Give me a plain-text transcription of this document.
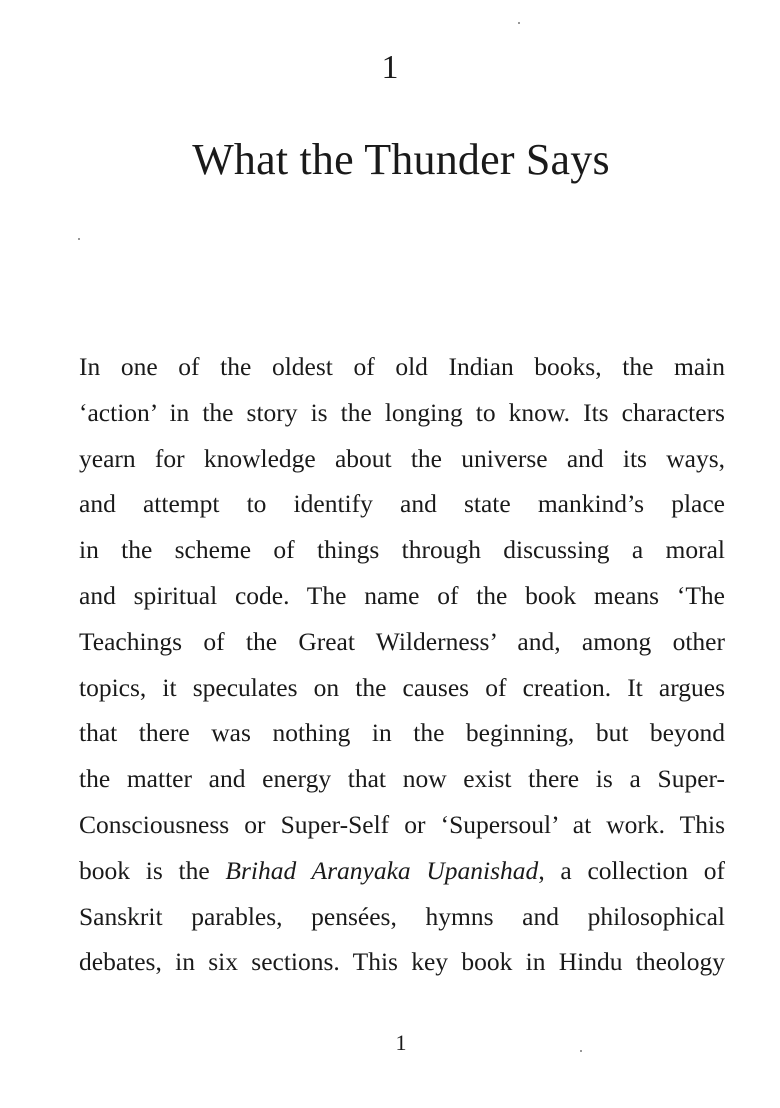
1
What the Thunder Says
In one of the oldest of old Indian books, the main
‘action’ in the story is the longing to know. Its characters
yearn for knowledge about the universe and its ways,
and attempt to identify and state mankind’s place
in the scheme of things through discussing a moral
and spiritual code. The name of the book means ‘The
Teachings of the Great Wilderness’ and, among other
topics, it speculates on the causes of creation. It argues
that there was nothing in the beginning, but beyond
the matter and energy that now exist there is a Super-
Consciousness or Super-Self or ‘Supersoul’ at work. This
book is the Brihad Aranyaka Upanishad, a collection of
Sanskrit parables, pensées, hymns and philosophical
debates, in six sections. This key book in Hindu theology
1
